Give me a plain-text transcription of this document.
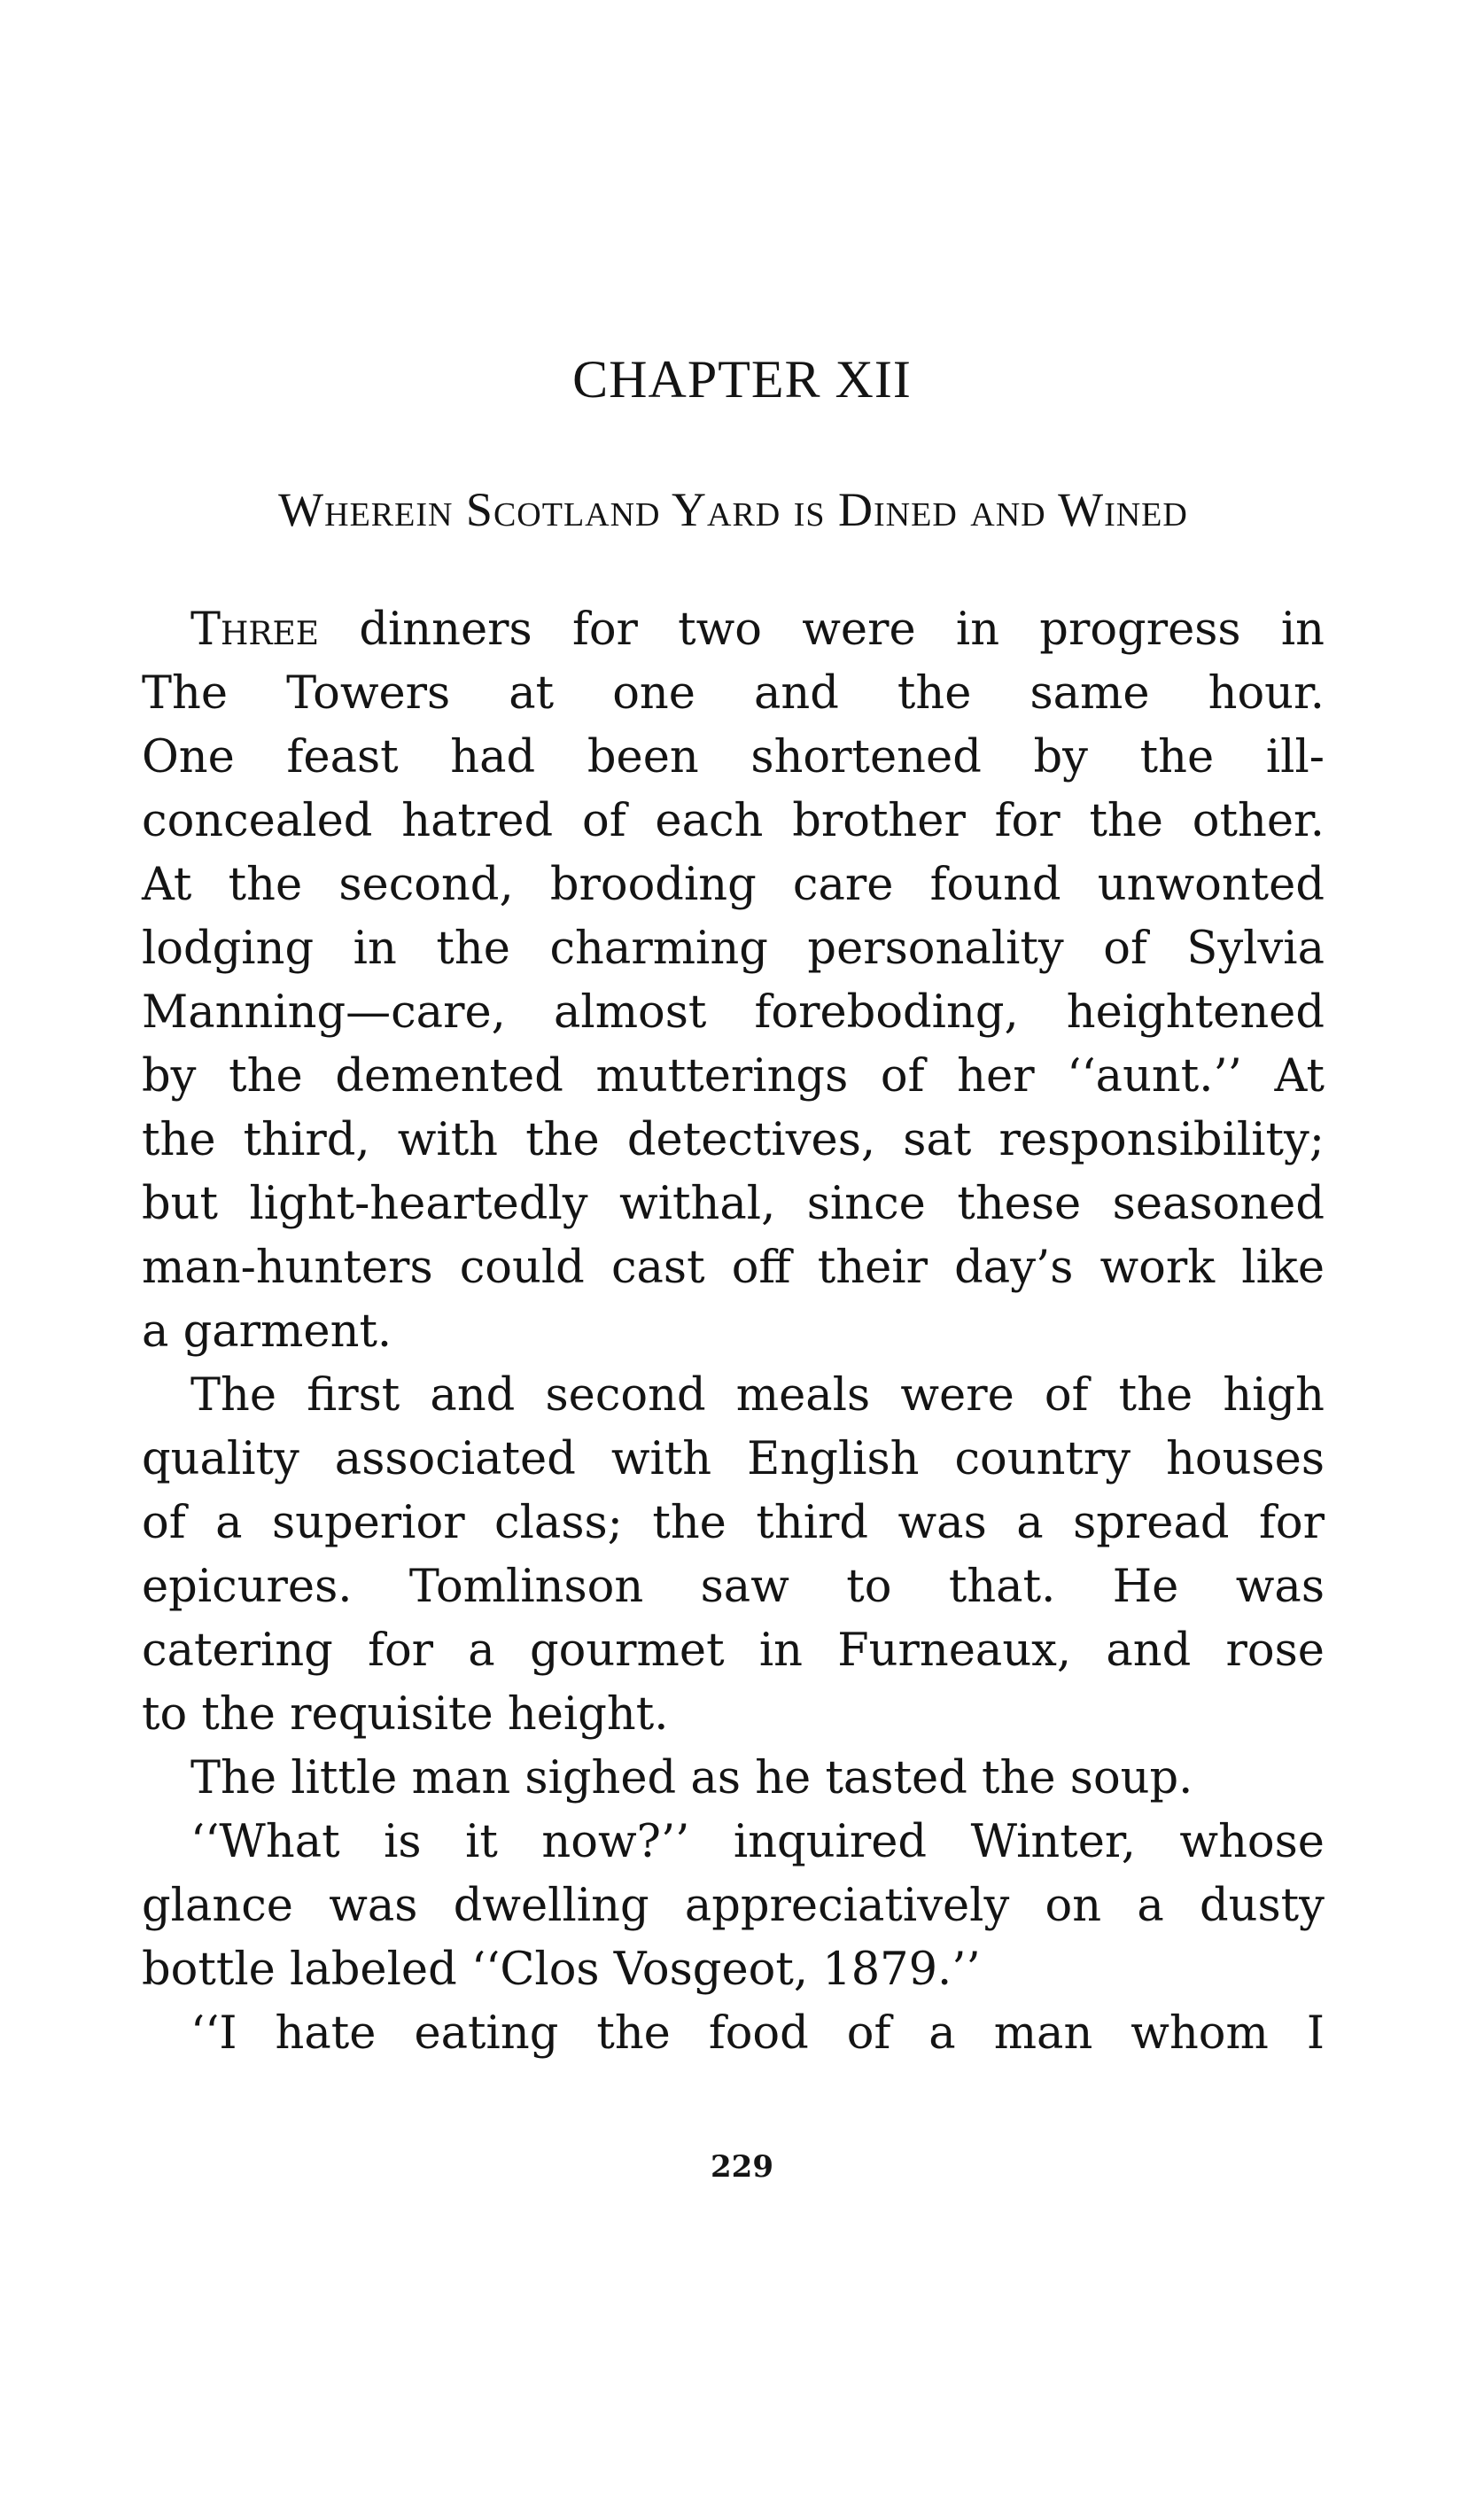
CHAPTER XII
Wherein Scotland Yard is Dined and Wined
Three dinners for two were in progress in
The Towers at one and the same hour.
One feast had been shortened by the ill-
concealed hatred of each brother for the other.
At the second, brooding care found unwonted
lodging in the charming personality of Sylvia
Manning—care, almost foreboding, heightened
by the demented mutterings of her ‘‘aunt.’’ At
the third, with the detectives, sat responsibility;
but light-heartedly withal, since these seasoned
man-hunters could cast off their day’s work like
a garment.
The first and second meals were of the high
quality associated with English country houses
of a superior class; the third was a spread for
epicures. Tomlinson saw to that. He was
catering for a gourmet in Furneaux, and rose
to the requisite height.
The little man sighed as he tasted the soup.
‘‘What is it now?’’ inquired Winter, whose
glance was dwelling appreciatively on a dusty
bottle labeled ‘‘Clos Vosgeot, 1879.’’
‘‘I hate eating the food of a man whom I
229
